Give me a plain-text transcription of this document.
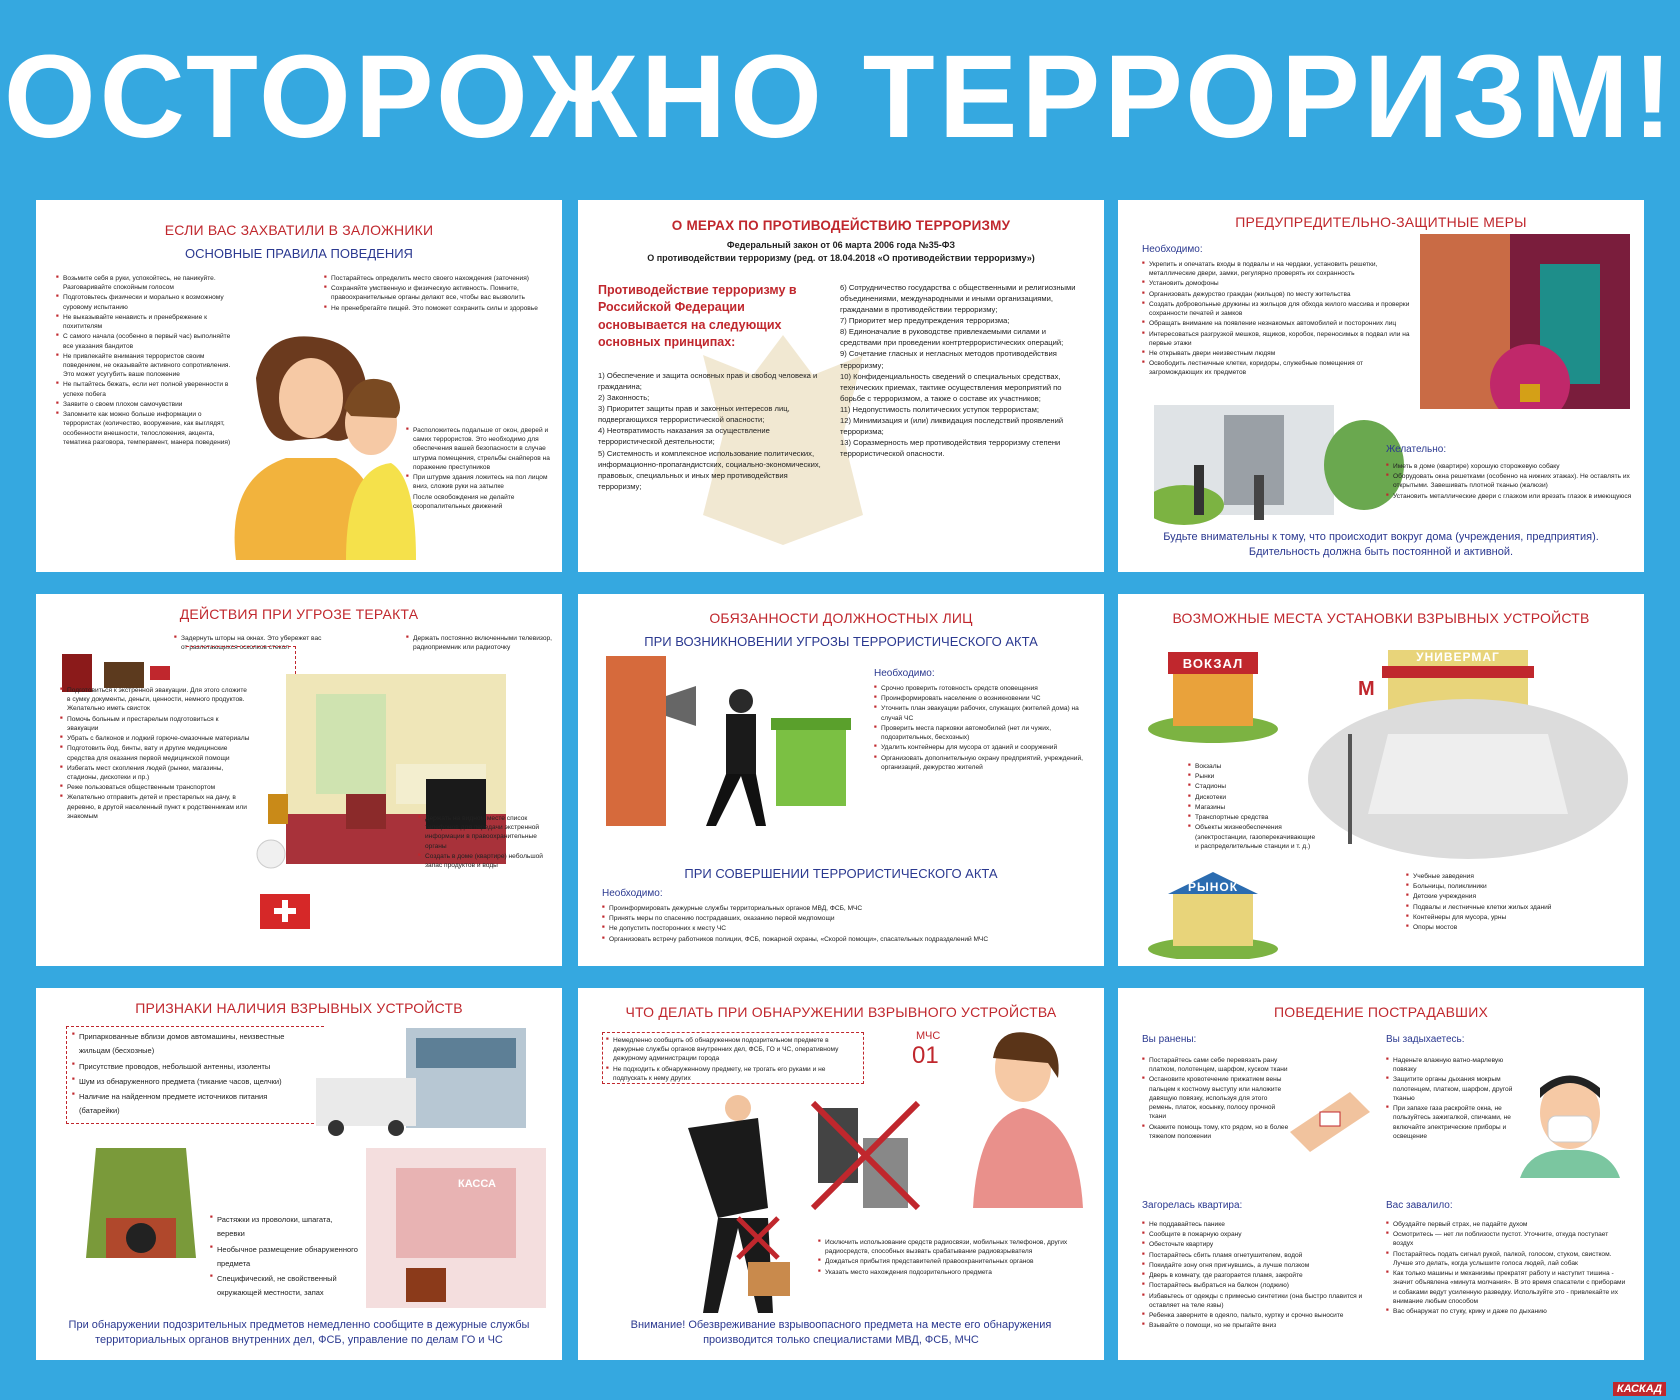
ОСТОРОЖНО ТЕРРОРИЗМ!
ЕСЛИ ВАС ЗАХВАТИЛИ В ЗАЛОЖНИКИ
ОСНОВНЫЕ ПРАВИЛА ПОВЕДЕНИЯ
■ Возьмите себя в руки, успокойтесь, не паникуйте. Разговаривайте спокойным голосом
■ Подготовьтесь физически и морально к возможному суровому испытанию
■ Не выказывайте ненависть и пренебрежение к похитителям
■ С самого начала (особенно в первый час) выполняйте все указания бандитов
■ Не привлекайте внимания террористов своим поведением, не оказывайте активного сопротивления. Это может усугубить ваше положение
■ Не пытайтесь бежать, если нет полной уверенности в успехе побега
■ Заявите о своем плохом самочувствии
■ Запомните как можно больше информации о террористах (количество, вооружение, как выглядят, особенности внешности, телосложения, акцента, тематика разговора, темперамент, манера поведения)
■ Постарайтесь определить место своего нахождения (заточения)
■ Сохраняйте умственную и физическую активность. Помните, правоохранительные органы делают все, чтобы вас вызволить
■ Не пренебрегайте пищей. Это поможет сохранить силы и здоровье
■ Расположитесь подальше от окон, дверей и самих террористов. Это необходимо для обеспечения вашей безопасности в случае штурма помещения, стрельбы снайперов на поражение преступников
■ При штурме здания ложитесь на пол лицом вниз, сложив руки на затылке
■ После освобождения не делайте скоропалительных движений
О МЕРАХ ПО ПРОТИВОДЕЙСТВИЮ ТЕРРОРИЗМУ
Федеральный закон от 06 марта 2006 года №35-ФЗ
О противодействии терроризму (ред. от 18.04.2018 «О противодействии терроризму»)
Противодействие терроризму в Российской Федерации основывается на следующих основных принципах:

1) Обеспечение и защита основных прав и свобод человека и гражданина;

2) Законность;

3) Приоритет защиты прав и законных интересов лиц, подвергающихся террористической опасности;

4) Неотвратимость наказания за осуществление террористической деятельности;

5) Системность и комплексное использование политических, информационно-пропагандистских, социально-экономических, правовых, специальных и иных мер противодействия терроризму;

6) Сотрудничество государства с общественными и религиозными объединениями, международными и иными организациями, гражданами в противодействии терроризму;

7) Приоритет мер предупреждения терроризма;

8) Единоначалие в руководстве привлекаемыми силами и средствами при проведении контртеррористических операций;

9) Сочетание гласных и негласных методов противодействия терроризму;

10) Конфиденциальность сведений о специальных средствах, технических приемах, тактике осуществления мероприятий по борьбе с терроризмом, а также о составе их участников;

11) Недопустимость политических уступок террористам;

12) Минимизация и (или) ликвидация последствий проявлений терроризма;

13) Соразмерность мер противодействия терроризму степени террористической опасности.

ПРЕДУПРЕДИТЕЛЬНО-ЗАЩИТНЫЕ МЕРЫ
Необходимо:
■ Укрепить и опечатать входы в подвалы и на чердаки, установить решетки, металлические двери, замки, регулярно проверять их сохранность
■ Установить домофоны
■ Организовать дежурство граждан (жильцов) по месту жительства
■ Создать добровольные дружины из жильцов для обхода жилого массива и проверки сохранности печатей и замков
■ Обращать внимание на появление незнакомых автомобилей и посторонних лиц
■ Интересоваться разгрузкой мешков, ящиков, коробок, переносимых в подвал или на первые этажи
■ Не открывать двери неизвестным людям
■ Освободить лестничные клетки, коридоры, служебные помещения от загромождающих их предметов
Желательно:
■ Иметь в доме (квартире) хорошую сторожевую собаку
■ Оборудовать окна решетками (особенно на нижних этажах). Не оставлять их открытыми. Завешивать плотной тканью (жалюзи)
■ Установить металлические двери с глазком или врезать глазок в имеющуюся
Будьте внимательны к тому, что происходит вокруг дома (учреждения, предприятия). Бдительность должна быть постоянной и активной.
ДЕЙСТВИЯ ПРИ УГРОЗЕ ТЕРАКТА
■ Задернуть шторы на окнах. Это убережет вас от разлетающихся осколков стекол
■ Держать постоянно включенными телевизор, радиоприемник или радиоточку
■ Подготовиться к экстренной эвакуации. Для этого сложите в сумку документы, деньги, ценности, немного продуктов. Желательно иметь свисток
■ Помочь больным и престарелым подготовиться к эвакуации
■ Убрать с балконов и лоджий горюче-смазочные материалы
■ Подготовить йод, бинты, вату и другие медицинские средства для оказания первой медицинской помощи
■ Избегать мест скопления людей (рынки, магазины, стадионы, дискотеки и пр.)
■ Реже пользоваться общественным транспортом
■ Желательно отправить детей и престарелых на дачу, в деревню, в другой населенный пункт к родственникам или знакомым
■	Держать на видном месте список телефонов для передачи экстренной информации в правоохранительные органы
■ Создать в доме (квартире) небольшой запас продуктов и воды
ОБЯЗАННОСТИ ДОЛЖНОСТНЫХ ЛИЦ
ПРИ ВОЗНИКНОВЕНИИ УГРОЗЫ ТЕРРОРИСТИЧЕСКОГО АКТА
Необходимо:
■ Срочно проверить готовность средств оповещения
■ Проинформировать население о возникновении ЧС
■ Уточнить план эвакуации рабочих, служащих (жителей дома) на случай ЧС
■ Проверить места парковки автомобилей (нет ли чужих, подозрительных, бесхозных)
■ Удалить контейнеры для мусора от зданий и сооружений
■ Организовать дополнительную охрану предприятий, учреждений, организаций, дежурство жителей
ПРИ СОВЕРШЕНИИ ТЕРРОРИСТИЧЕСКОГО АКТА
Необходимо:
■ Проинформировать дежурные службы территориальных органов МВД, ФСБ, МЧС
■ Принять меры по спасению пострадавших, оказанию первой медпомощи
■ Не допустить посторонних к месту ЧС
■ Организовать встречу работников полиции, ФСБ, пожарной охраны, «Скорой помощи», спасательных подразделений МЧС
ВОЗМОЖНЫЕ МЕСТА УСТАНОВКИ ВЗРЫВНЫХ УСТРОЙСТВ
ВОКЗАЛ	УНИВЕРМАГ
М
■ Вокзалы
■ Рынки
■ Стадионы
■ Дискотеки
■ Магазины
■ Транспортные средства
■ Объекты жизнеобеспечения (электростанции, газоперекачивающие и распределительные станции и т. д.)
РЫНОК
■ Учебные заведения
■ Больницы, поликлиники
■ Детские учреждения
■ Подвалы и лестничные клетки жилых зданий
■ Контейнеры для мусора, урны
■ Опоры мостов
ПРИЗНАКИ НАЛИЧИЯ ВЗРЫВНЫХ УСТРОЙСТВ
■ Припаркованные вблизи домов автомашины, неизвестные жильцам (бесхозные)
■ Присутствие проводов, небольшой антенны, изоленты
■ Шум из обнаруженного предмета (тикание часов, щелчки)
■ Наличие на найденном предмете источников питания (батарейки)
■ Растяжки из проволоки, шпагата, веревки
■ Необычное размещение обнаруженного предмета
■ Специфический, не свойственный окружающей местности, запах
КАССА
При обнаружении подозрительных предметов немедленно сообщите в дежурные службы территориальных органов внутренних дел, ФСБ, управление по делам ГО и ЧС
ЧТО ДЕЛАТЬ ПРИ ОБНАРУЖЕНИИ ВЗРЫВНОГО УСТРОЙСТВА
■ Немедленно сообщить об обнаруженном подозрительном предмете в дежурные службы органов внутренних дел, ФСБ, ГО и ЧС, оперативному дежурному администрации города
■ Не подходить к обнаруженному предмету, не трогать его руками и не подпускать к нему других
МЧС
01
■ Исключить использование средств радиосвязи, мобильных телефонов, других радиосредств, способных вызвать срабатывание радиовзрывателя
■ Дождаться прибытия представителей правоохранительных органов
■ Указать место нахождения подозрительного предмета
Внимание! Обезвреживание взрывоопасного предмета на месте его обнаружения производится только специалистами МВД, ФСБ, МЧС
ПОВЕДЕНИЕ ПОСТРАДАВШИХ
Вы ранены:
■ Постарайтесь сами себе перевязать рану платком, полотенцем, шарфом, куском ткани
■ Остановите кровотечение прижатием вены пальцем к костному выступу или наложите давящую повязку, используя для этого ремень, платок, косынку, полосу прочной ткани
■ Окажите помощь тому, кто рядом, но в более тяжелом положении
Вы задыхаетесь:
■ Наденьте влажную ватно-марлевую повязку
■ Защитите органы дыхания мокрым полотенцем, платком, шарфом, другой тканью
■ При запахе газа раскройте окна, не пользуйтесь зажигалкой, спичками, не включайте электрические приборы и освещение
Загорелась квартира:
■ Не поддавайтесь панике
■ Сообщите в пожарную охрану
■ Обесточьте квартиру
■ Постарайтесь сбить пламя огнетушителем, водой
■ Покидайте зону огня пригнувшись, а лучше ползком
■ Дверь в комнату, где разгорается пламя, закройте
■ Постарайтесь выбраться на балкон (лоджию)
■ Избавьтесь от одежды с примесью синтетики (она быстро плавится и оставляет на теле язвы)
■ Ребенка заверните в одеяло, пальто, куртку и срочно выносите
■ Взывайте о помощи, но не прыгайте вниз
Вас завалило:
■ Обуздайте первый страх, не падайте духом
■ Осмотритесь — нет ли поблизости пустот. Уточните, откуда поступает воздух
■ Постарайтесь подать сигнал рукой, палкой, голосом, стуком, свистком. Лучше это делать, когда услышите голоса людей, лай собак
■ Как только машины и механизмы прекратят работу и наступит тишина - значит объявлена «минута молчания». В это время спасатели с приборами и собаками ведут усиленную разведку. Используйте это - привлекайте их внимание любым способом
■ Вас обнаружат по стуку, крику и даже по дыханию
КАСКАД
